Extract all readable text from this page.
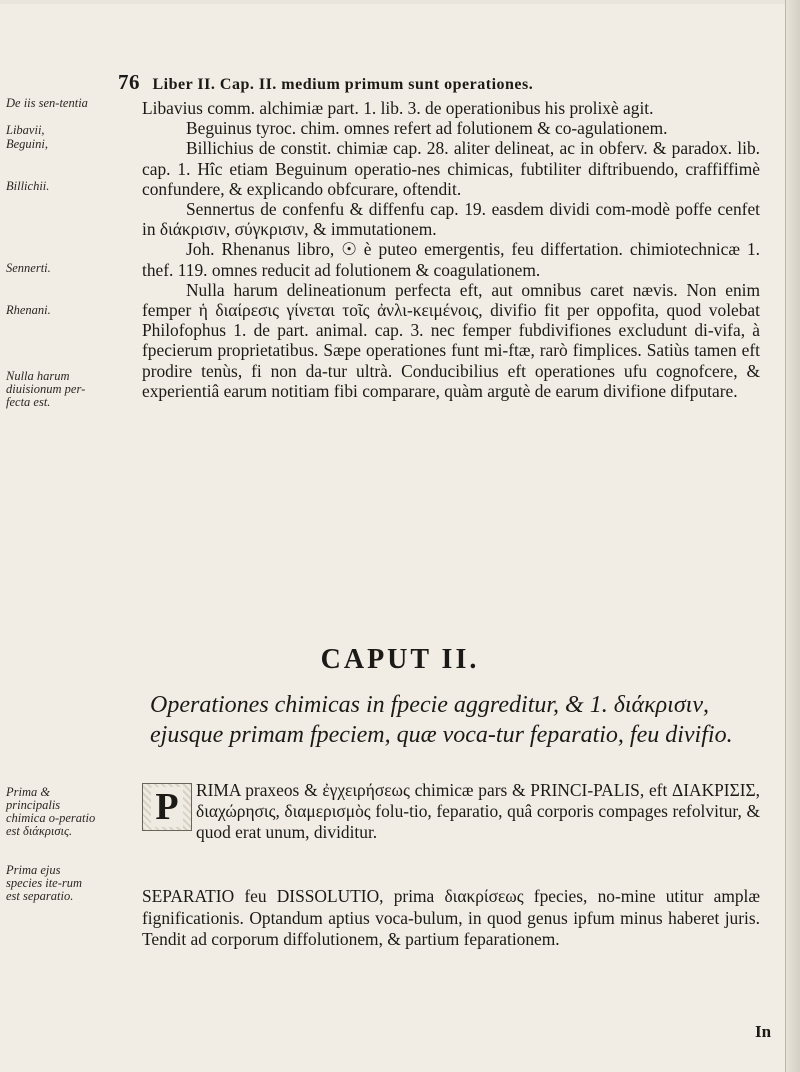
76 Liber II. Cap. II. medium primum sunt operationes.
De iis sen-tentia
Libavii,
Beguini,
Billichii.
Sennerti.
Rhenani.
Nulla harum diuisionum per-fecta est.
Prima & principalis chimica o-peratio est διάκρισις.
Prima ejus species ite-rum est separatio.

Libavius comm. alchimiæ part. 1. lib. 3. de operationibus his prolixè agit.

Beguinus tyroc. chim. omnes refert ad folutionem & co-agulationem.

Billichius de constit. chimiæ cap. 28. aliter delineat, ac in obferv. & paradox. lib. cap. 1. Hîc etiam Beguinum operatio-nes chimicas, fubtiliter diftribuendo, craffiffimè confundere, & explicando obfcurare, oftendit.

Sennertus de confenfu & diffenfu cap. 19. easdem dividi com-modè poffe cenfet in διάκρισιν, σύγκρισιν, & immutationem.

Joh. Rhenanus libro, ☉ è puteo emergentis, feu differtation. chimiotechnicæ 1. thef. 119. omnes reducit ad folutionem & coagulationem.

Nulla harum delineationum perfecta eft, aut omnibus caret nævis. Non enim femper ἡ διαίρεσις γίνεται τοῖς ἀνλι-κειμένοις, divifio fit per oppofita, quod volebat Philofophus 1. de part. animal. cap. 3. nec femper fubdivifiones excludunt di-vifa, à fpecierum proprietatibus. Sæpe operationes funt mi-ftæ, rarò fimplices. Satiùs tamen eft prodire tenùs, fi non da-tur ultrà. Conducibilius eft operationes ufu cognofcere, & experientiâ earum notitiam fibi comparare, quàm argutè de earum divifione difputare.

CAPUT II.
Operationes chimicas in fpecie aggreditur, & 1. διάκρισιν, ejusque primam fpeciem, quæ voca-tur feparatio, feu divifio.
P RIMA praxeos & ἐγχειρήσεως chimicæ pars & PRINCI-PALIS, eft ΔΙΑΚΡΙΣΙΣ, διαχώρησις, διαμερισμὸς folu-tio, feparatio, quâ corporis compages refolvitur, & quod erat unum, dividitur.
SEPARATIO feu DISSOLUTIO, prima διακρίσεως fpecies, no-mine utitur amplæ fignificationis. Optandum aptius voca-bulum, in quod genus ipfum minus haberet juris. Tendit ad corporum diffolutionem, & partium feparationem.
In
